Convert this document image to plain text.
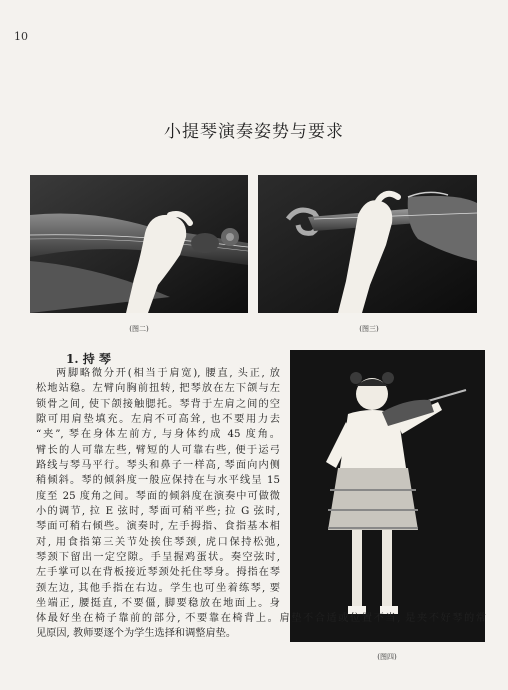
10
小提琴演奏姿势与要求
(图二)	(图三)
(图四)
1. 持 琴
两脚略微分开(相当于肩宽), 腰直, 头正, 放
松地站稳。左臂向胸前扭转, 把琴放在左下颌与左
锁骨之间, 使下颌接触腮托。琴背于左肩之间的空
隙可用肩垫填充。左肩不可高耸, 也不要用力去
“夹”, 琴在身体左前方, 与身体约成 45 度角。
臂长的人可靠左些, 臂短的人可靠右些, 便于运弓
路线与琴马平行。琴头和鼻子一样高, 琴面向内侧
稍倾斜。琴的倾斜度一般应保持在与水平线呈 15
度至 25 度角之间。琴面的倾斜度在演奏中可做微
小的调节, 拉 E 弦时, 琴面可稍平些; 拉 G 弦时,
琴面可稍右倾些。演奏时, 左手拇指、食指基本相
对, 用食指第三关节处挨住琴颈, 虎口保持松弛,
琴颈下留出一定空隙。手呈握鸡蛋状。奏空弦时,
左手掌可以在背板接近琴颈处托住琴身。拇指在琴
颈左边, 其他手指在右边。学生也可坐着练琴, 要
坐端正, 腰挺直, 不要僵, 脚要稳放在地面上。身
体最好坐在椅子靠前的部分, 不要靠在椅背上。肩垫不合适或位置不当, 是夹不好琴的常
见原因, 教师要逐个为学生选择和调整肩垫。
